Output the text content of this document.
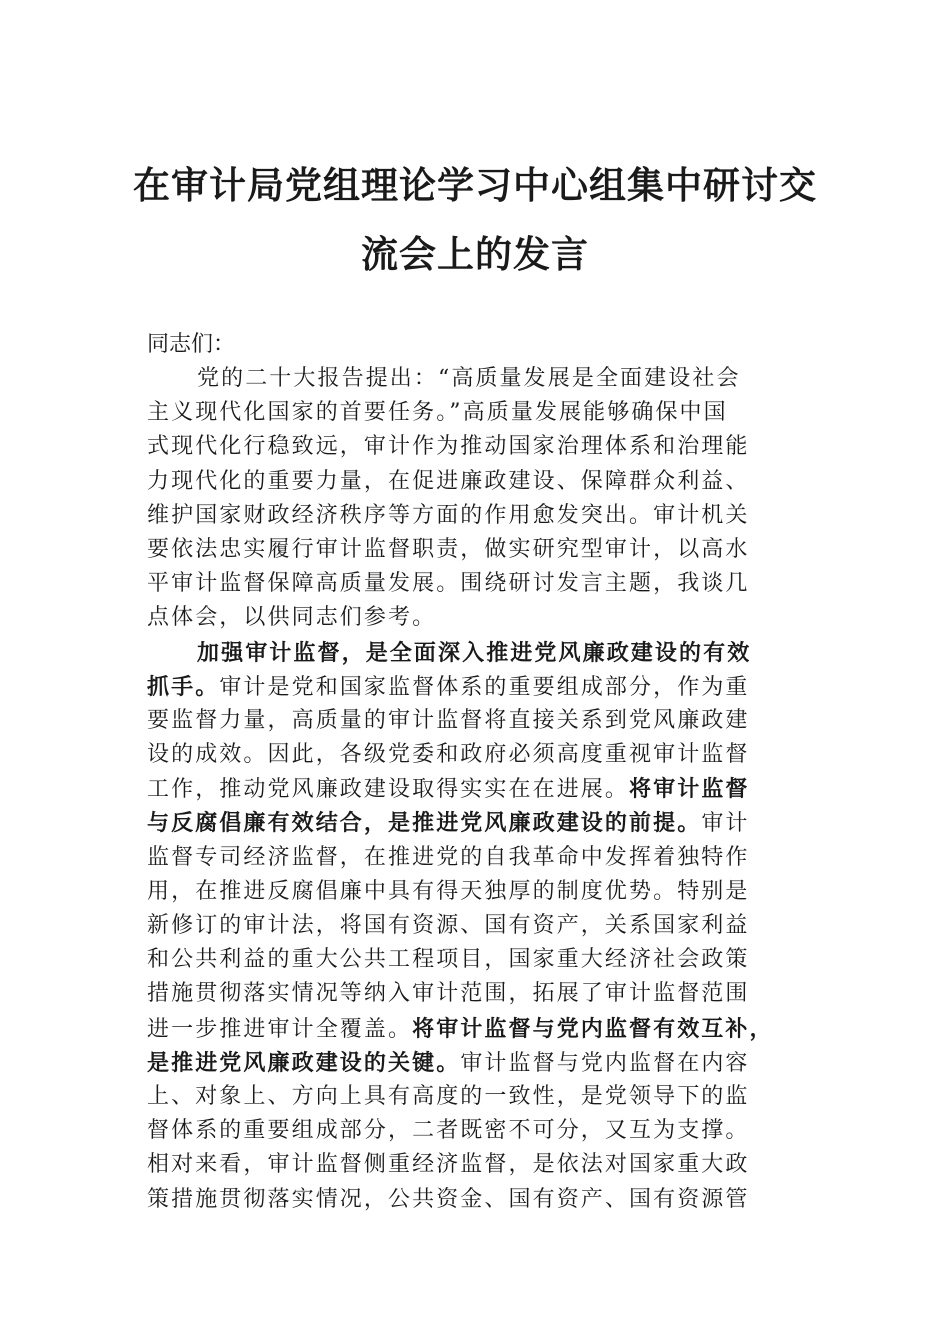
在审计局党组理论学习中心组集中研讨交
流会上的发言
同志们：
党的二十大报告提出：“高质量发展是全面建设社会
主义现代化国家的首要任务。”高质量发展能够确保中国
式现代化行稳致远，审计作为推动国家治理体系和治理能
力现代化的重要力量，在促进廉政建设、保障群众利益、
维护国家财政经济秩序等方面的作用愈发突出。审计机关
要依法忠实履行审计监督职责，做实研究型审计，以高水
平审计监督保障高质量发展。围绕研讨发言主题，我谈几
点体会，以供同志们参考。
加强审计监督，是全面深入推进党风廉政建设的有效
抓手。审计是党和国家监督体系的重要组成部分，作为重
要监督力量，高质量的审计监督将直接关系到党风廉政建
设的成效。因此，各级党委和政府必须高度重视审计监督
工作，推动党风廉政建设取得实实在在进展。将审计监督
与反腐倡廉有效结合，是推进党风廉政建设的前提。审计
监督专司经济监督，在推进党的自我革命中发挥着独特作
用，在推进反腐倡廉中具有得天独厚的制度优势。特别是
新修订的审计法，将国有资源、国有资产，关系国家利益
和公共利益的重大公共工程项目，国家重大经济社会政策
措施贯彻落实情况等纳入审计范围，拓展了审计监督范围
进一步推进审计全覆盖。将审计监督与党内监督有效互补，
是推进党风廉政建设的关键。审计监督与党内监督在内容
上、对象上、方向上具有高度的一致性，是党领导下的监
督体系的重要组成部分，二者既密不可分，又互为支撑。
相对来看，审计监督侧重经济监督，是依法对国家重大政
策措施贯彻落实情况，公共资金、国有资产、国有资源管
